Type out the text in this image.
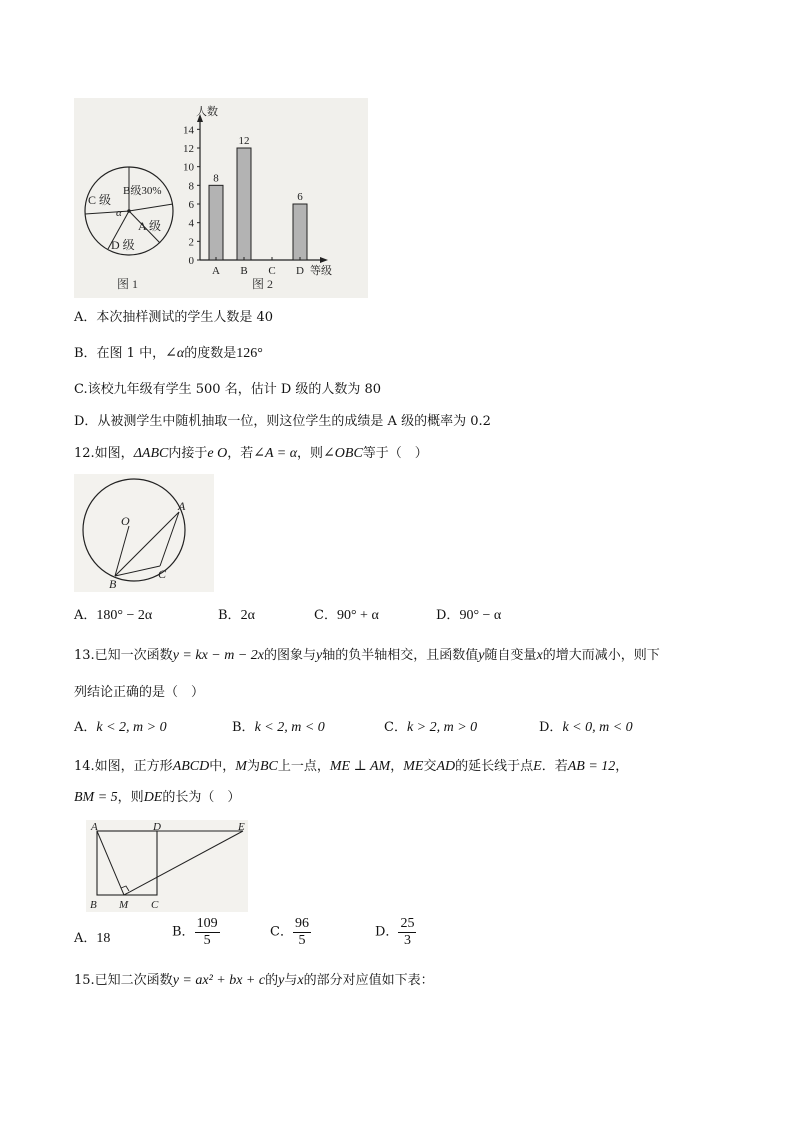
C 级
B级30%
α
A 级
D 级
图 1
人数
等级
0
2
4
6
8
10
12
14
8
12
6
A B C D
图 2
A．本次抽样测试的学生人数是 40
B．在图 1 中，∠α的度数是126°
C.该校九年级有学生 500 名，估计 D 级的人数为 80
D．从被测学生中随机抽取一位，则这位学生的成绩是 A 级的概率为 0.2
12.如图，ΔABC内接于e O，若∠A = α，则∠OBC等于（　）
O
A
B
C
A．180° − 2α	B．2α	C．90° + α	D．90° − α
13.已知一次函数y = kx − m − 2x的图象与y轴的负半轴相交，且函数值y随自变量x的增大而减小，则下
列结论正确的是（　）
A．k < 2, m > 0	B．k < 2, m < 0	C．k > 2, m > 0	D．k < 0, m < 0
14.如图，正方形ABCD中，M为BC上一点，ME ⊥ AM，ME交AD的延长线于点E．若AB = 12，
BM = 5，则DE的长为（　）
A	D	E
B M C
A．18	B． $\frac{109}{5}$	C． $\frac{96}{5}$	D． $\frac{25}{3}$
15.已知二次函数y = ax² + bx + c的y与x的部分对应值如下表：
